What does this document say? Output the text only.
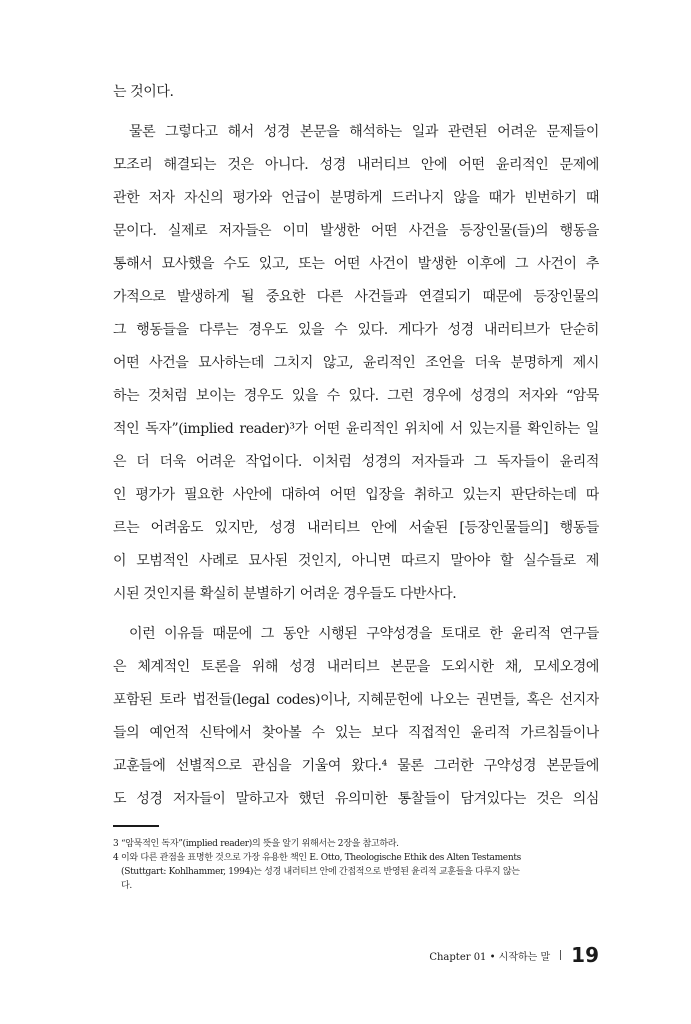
는 것이다.
물론 그렇다고 해서 성경 본문을 해석하는 일과 관련된 어려운 문제들이
모조리 해결되는 것은 아니다. 성경 내러티브 안에 어떤 윤리적인 문제에
관한 저자 자신의 평가와 언급이 분명하게 드러나지 않을 때가 빈번하기 때
문이다. 실제로 저자들은 이미 발생한 어떤 사건을 등장인물(들)의 행동을
통해서 묘사했을 수도 있고, 또는 어떤 사건이 발생한 이후에 그 사건이 추
가적으로 발생하게 될 중요한 다른 사건들과 연결되기 때문에 등장인물의
그 행동들을 다루는 경우도 있을 수 있다. 게다가 성경 내러티브가 단순히
어떤 사건을 묘사하는데 그치지 않고, 윤리적인 조언을 더욱 분명하게 제시
하는 것처럼 보이는 경우도 있을 수 있다. 그런 경우에 성경의 저자와 “암묵
적인 독자”(implied reader)³가 어떤 윤리적인 위치에 서 있는지를 확인하는 일
은 더 더욱 어려운 작업이다. 이처럼 성경의 저자들과 그 독자들이 윤리적
인 평가가 필요한 사안에 대하여 어떤 입장을 취하고 있는지 판단하는데 따
르는 어려움도 있지만, 성경 내러티브 안에 서술된 [등장인물들의] 행동들
이 모범적인 사례로 묘사된 것인지, 아니면 따르지 말아야 할 실수들로 제
시된 것인지를 확실히 분별하기 어려운 경우들도 다반사다.
이런 이유들 때문에 그 동안 시행된 구약성경을 토대로 한 윤리적 연구들
은 체계적인 토론을 위해 성경 내러티브 본문을 도외시한 채, 모세오경에
포함된 토라 법전들(legal codes)이나, 지혜문헌에 나오는 권면들, 혹은 선지자
들의 예언적 신탁에서 찾아볼 수 있는 보다 직접적인 윤리적 가르침들이나
교훈들에 선별적으로 관심을 기울여 왔다.⁴ 물론 그러한 구약성경 본문들에
도 성경 저자들이 말하고자 했던 유의미한 통찰들이 담겨있다는 것은 의심
3 “암묵적인 독자”(implied reader)의 뜻을 알기 위해서는 2장을 참고하라.
4 이와 다른 관점을 표명한 것으로 가장 유용한 책인 E. Otto, Theologische Ethik des Alten Testaments
(Stuttgart: Kohlhammer, 1994)는 성경 내러티브 안에 간접적으로 반영된 윤리적 교훈들을 다루지 않는
다.
Chapter 01 • 시작하는 말 19
